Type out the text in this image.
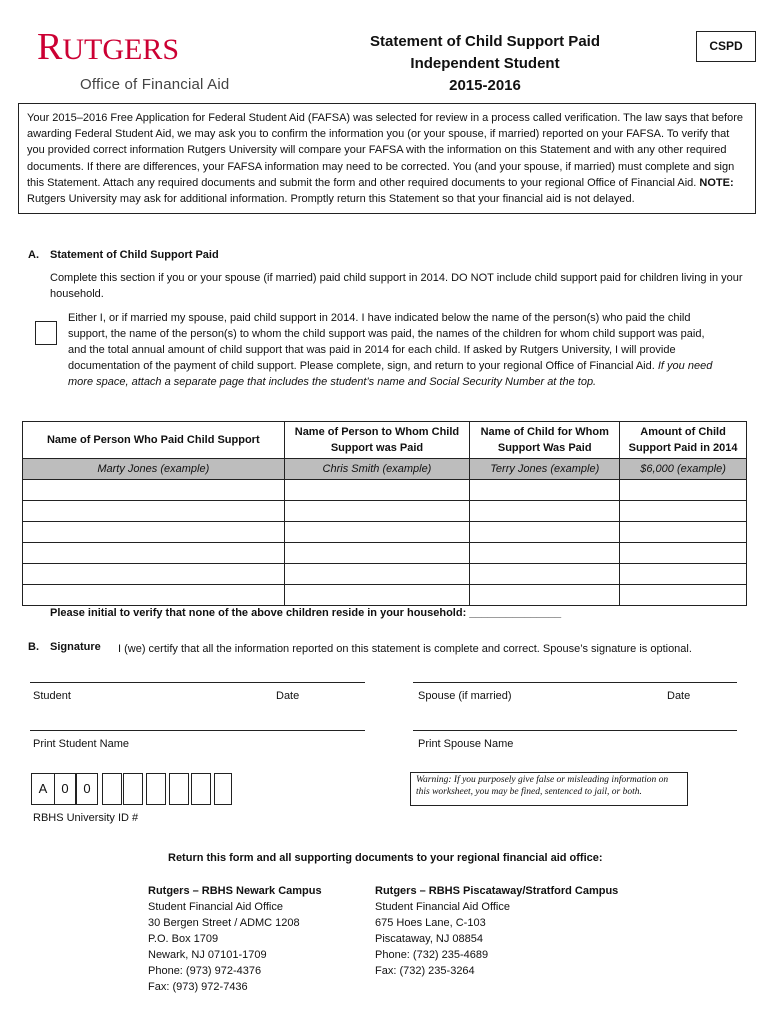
RUTGERS
Office of Financial Aid
Statement of Child Support Paid
Independent Student
2015-2016
CSPD
Your 2015–2016 Free Application for Federal Student Aid (FAFSA) was selected for review in a process called verification. The law says that before awarding Federal Student Aid, we may ask you to confirm the information you (or your spouse, if married) reported on your FAFSA. To verify that you provided correct information Rutgers University will compare your FAFSA with the information on this Statement and with any other required documents. If there are differences, your FAFSA information may need to be corrected. You (and your spouse, if married) must complete and sign this Statement. Attach any required documents and submit the form and other required documents to your regional Office of Financial Aid. NOTE: Rutgers University may ask for additional information. Promptly return this Statement so that your financial aid is not delayed.
A. Statement of Child Support Paid
Complete this section if you or your spouse (if married) paid child support in 2014. DO NOT include child support paid for children living in your household.
Either I, or if married my spouse, paid child support in 2014. I have indicated below the name of the person(s) who paid the child support, the name of the person(s) to whom the child support was paid, the names of the children for whom child support was paid, and the total annual amount of child support that was paid in 2014 for each child. If asked by Rutgers University, I will provide documentation of the payment of child support. Please complete, sign, and return to your regional Office of Financial Aid. If you need more space, attach a separate page that includes the student’s name and Social Security Number at the top.
Name of Person Who Paid Child Support	Name of Person to Whom Child Support was Paid	Name of Child for Whom Support Was Paid	Amount of Child Support Paid in 2014
Marty Jones (example)	Chris Smith (example)	Terry Jones (example)	$6,000 (example)

Please initial to verify that none of the above children reside in your household: _______________
B. Signature I (we) certify that all the information reported on this statement is complete and correct. Spouse’s signature is optional.
Student	Date	Spouse (if married)	Date
Print Student Name	Print Spouse Name
A	0	0
RBHS University ID #
Warning: If you purposely give false or misleading information on this worksheet, you may be fined, sentenced to jail, or both.
Return this form and all supporting documents to your regional financial aid office:
Rutgers – RBHS Newark Campus
Student Financial Aid Office
30 Bergen Street / ADMC 1208
P.O. Box 1709
Newark, NJ 07101-1709
Phone: (973) 972-4376
Fax: (973) 972-7436
Rutgers – RBHS Piscataway/Stratford Campus
Student Financial Aid Office
675 Hoes Lane, C-103
Piscataway, NJ 08854
Phone: (732) 235-4689
Fax: (732) 235-3264
